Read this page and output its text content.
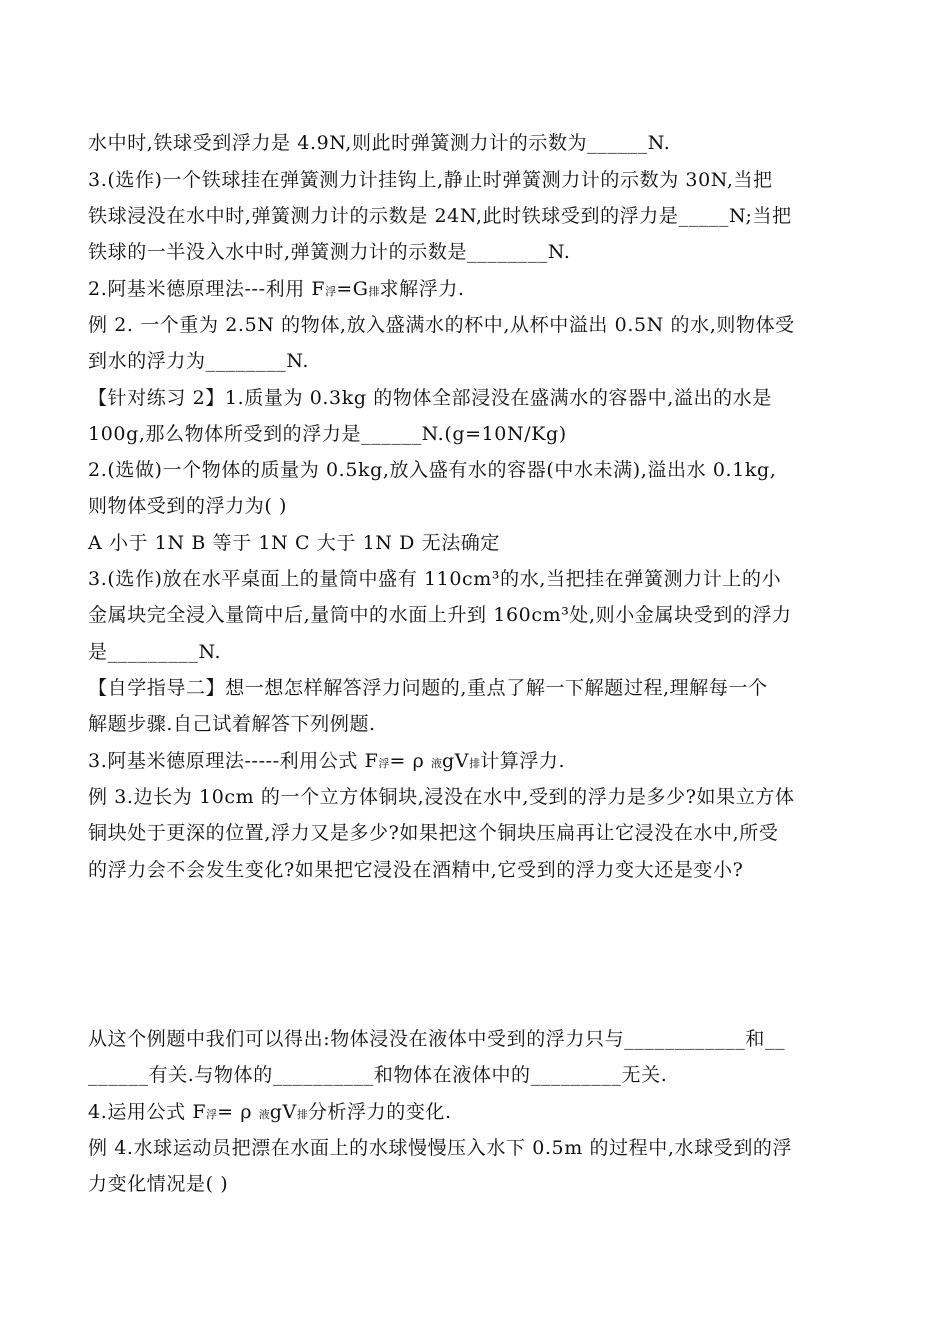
水中时,铁球受到浮力是 4.9N,则此时弹簧测力计的示数为______N.
3.(选作)一个铁球挂在弹簧测力计挂钩上,静止时弹簧测力计的示数为 30N,当把
铁球浸没在水中时,弹簧测力计的示数是 24N,此时铁球受到的浮力是_____N;当把
铁球的一半没入水中时,弹簧测力计的示数是________N.
2.阿基米德原理法---利用 F浮=G排求解浮力.
例 2. 一个重为 2.5N 的物体,放入盛满水的杯中,从杯中溢出 0.5N 的水,则物体受
到水的浮力为________N.
【针对练习 2】1.质量为 0.3kg 的物体全部浸没在盛满水的容器中,溢出的水是
100g,那么物体所受到的浮力是______N.(g=10N/Kg)
2.(选做)一个物体的质量为 0.5kg,放入盛有水的容器(中水未满),溢出水 0.1kg,
则物体受到的浮力为( )
A 小于 1N B 等于 1N C 大于 1N D 无法确定
3.(选作)放在水平桌面上的量筒中盛有 110cm³的水,当把挂在弹簧测力计上的小
金属块完全浸入量筒中后,量筒中的水面上升到 160cm³处,则小金属块受到的浮力
是_________N.
【自学指导二】想一想怎样解答浮力问题的,重点了解一下解题过程,理解每一个
解题步骤.自己试着解答下列例题.
3.阿基米德原理法-----利用公式 F浮= ρ 液gV排计算浮力.
例 3.边长为 10cm 的一个立方体铜块,浸没在水中,受到的浮力是多少?如果立方体
铜块处于更深的位置,浮力又是多少?如果把这个铜块压扁再让它浸没在水中,所受
的浮力会不会发生变化?如果把它浸没在酒精中,它受到的浮力变大还是变小?
从这个例题中我们可以得出:物体浸没在液体中受到的浮力只与____________和__
______有关.与物体的__________和物体在液体中的_________无关.
4.运用公式 F浮= ρ 液gV排分析浮力的变化.
例 4.水球运动员把漂在水面上的水球慢慢压入水下 0.5m 的过程中,水球受到的浮
力变化情况是( )
